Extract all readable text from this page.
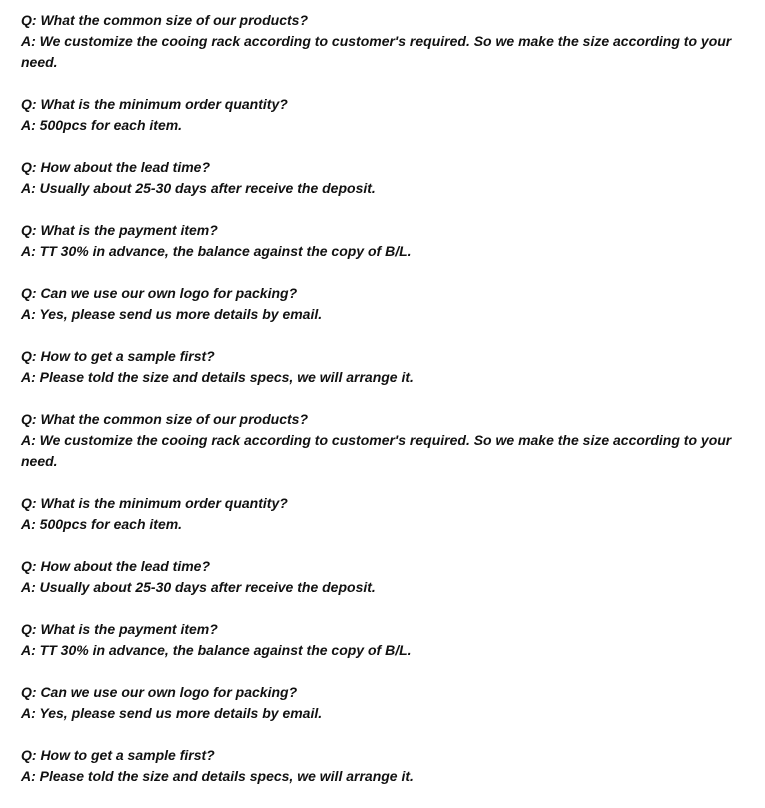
Q: What the common size of our products?
A: We customize the cooing rack according to customer's required. So we make the size according to your need.
Q: What is the minimum order quantity?
A: 500pcs for each item.
Q: How about the lead time?
A: Usually about 25-30 days after receive the deposit.
Q: What is the payment item?
A: TT 30% in advance, the balance against the copy of B/L.
Q: Can we use our own logo for packing?
A: Yes, please send us more details by email.
Q: How to get a sample first?
A: Please told the size and details specs, we will arrange it.
Q: What the common size of our products?
A: We customize the cooing rack according to customer's required. So we make the size according to your need.
Q: What is the minimum order quantity?
A: 500pcs for each item.
Q: How about the lead time?
A: Usually about 25-30 days after receive the deposit.
Q: What is the payment item?
A: TT 30% in advance, the balance against the copy of B/L.
Q: Can we use our own logo for packing?
A: Yes, please send us more details by email.
Q: How to get a sample first?
A: Please told the size and details specs, we will arrange it.
